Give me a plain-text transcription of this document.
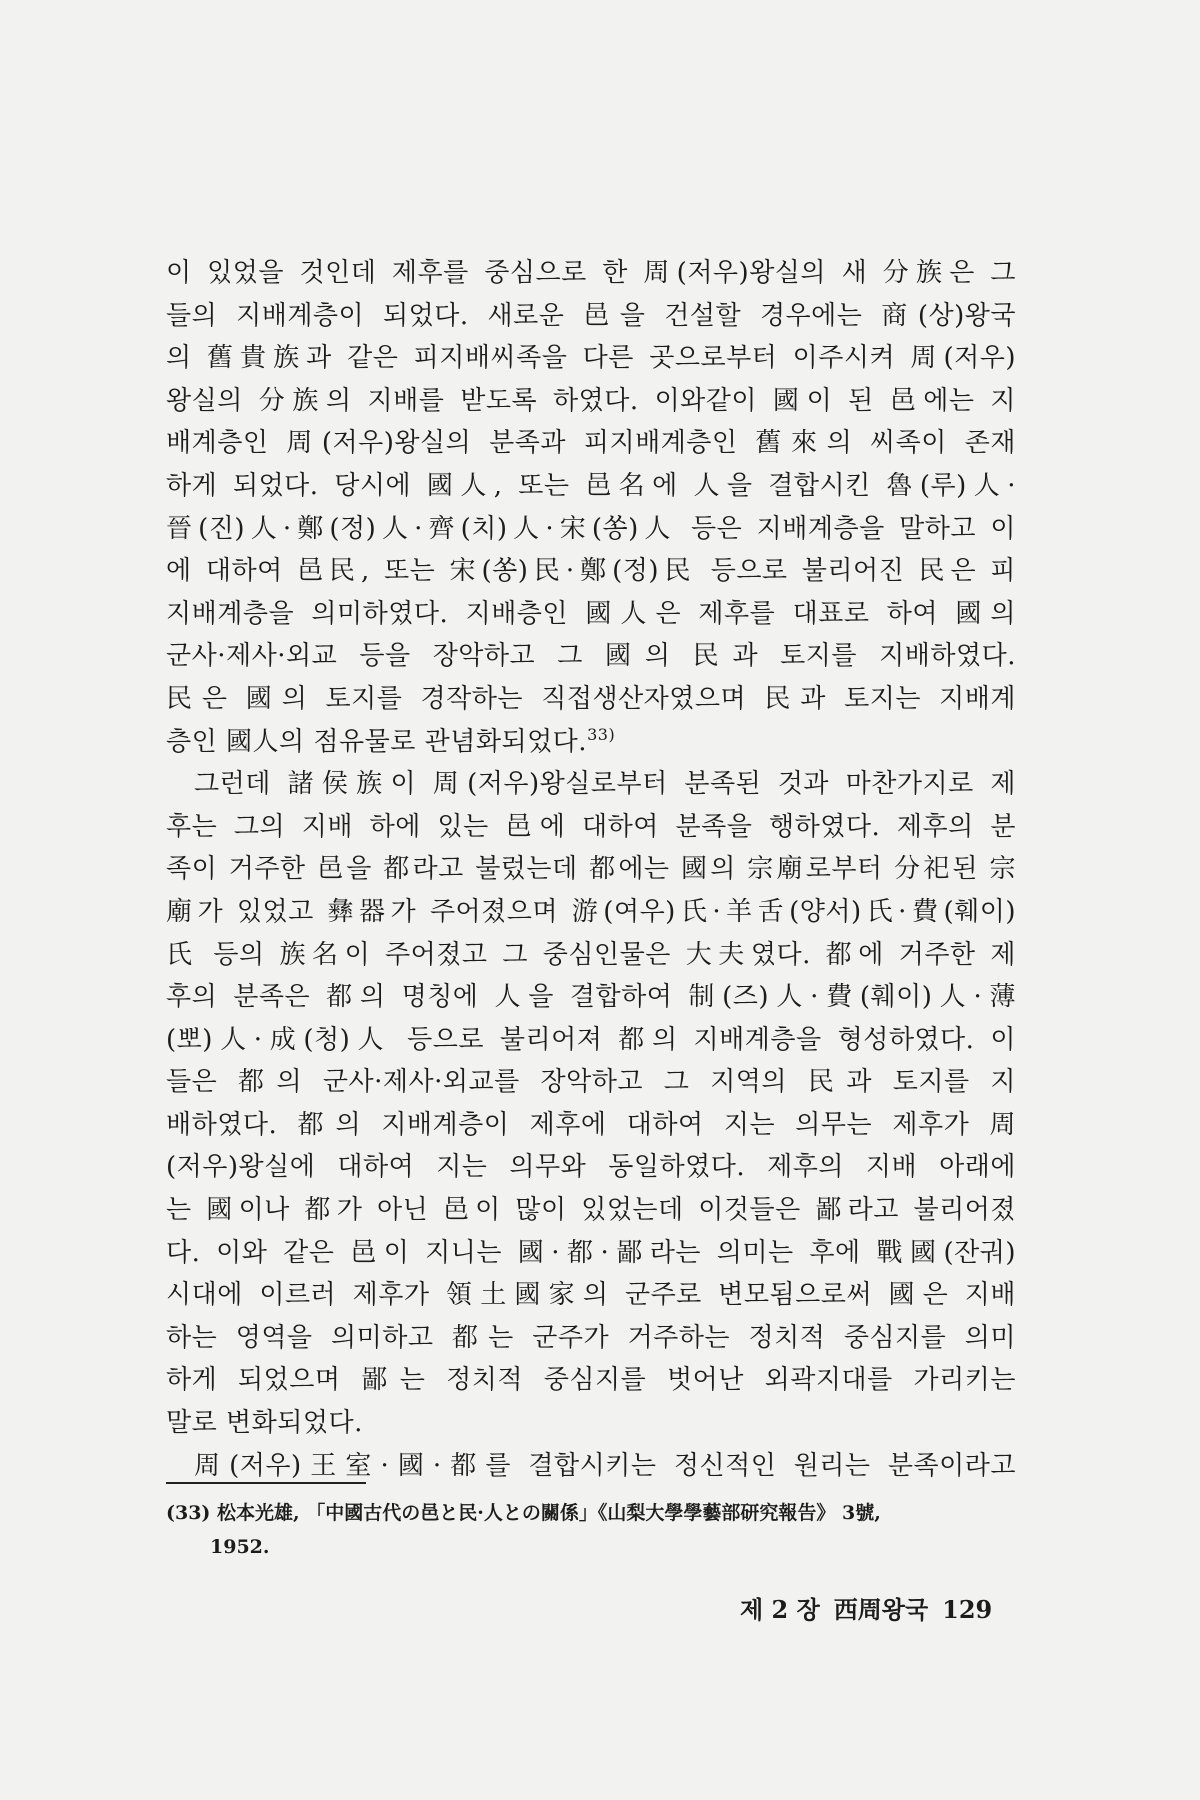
이 있었을 것인데 제후를 중심으로 한 周(저우)왕실의 새 分族은 그
들의 지배계층이 되었다. 새로운 邑을 건설할 경우에는 商(상)왕국
의 舊貴族과 같은 피지배씨족을 다른 곳으로부터 이주시켜 周(저우)
왕실의 分族의 지배를 받도록 하였다. 이와같이 國이 된 邑에는 지
배계층인 周(저우)왕실의 분족과 피지배계층인 舊來의 씨족이 존재
하게 되었다. 당시에 國人, 또는 邑名에 人을 결합시킨 魯(루)人·
晉(진)人·鄭(정)人·齊(치)人·宋(쏭)人 등은 지배계층을 말하고 이
에 대하여 邑民, 또는 宋(쏭)民·鄭(정)民 등으로 불리어진 民은 피
지배계층을 의미하였다. 지배층인 國人은 제후를 대표로 하여 國의
군사·제사·외교 등을 장악하고 그 國의 民과 토지를 지배하였다.
民은 國의 토지를 경작하는 직접생산자였으며 民과 토지는 지배계
층인 國人의 점유물로 관념화되었다.$^{33)}$
그런데 諸侯族이 周(저우)왕실로부터 분족된 것과 마찬가지로 제
후는 그의 지배 하에 있는 邑에 대하여 분족을 행하였다. 제후의 분
족이 거주한 邑을 都라고 불렀는데 都에는 國의 宗廟로부터 分祀된 宗
廟가 있었고 彝器가 주어졌으며 游(여우)氏·羊舌(양서)氏·費(훼이)
氏 등의 族名이 주어졌고 그 중심인물은 大夫였다. 都에 거주한 제
후의 분족은 都의 명칭에 人을 결합하여 制(즈)人·費(훼이)人·薄
(뽀)人·成(청)人 등으로 불리어져 都의 지배계층을 형성하였다. 이
들은 都의 군사·제사·외교를 장악하고 그 지역의 民과 토지를 지
배하였다. 都의 지배계층이 제후에 대하여 지는 의무는 제후가 周
(저우)왕실에 대하여 지는 의무와 동일하였다. 제후의 지배 아래에
는 國이나 都가 아닌 邑이 많이 있었는데 이것들은 鄙라고 불리어졌
다. 이와 같은 邑이 지니는 國·都·鄙라는 의미는 후에 戰國(잔궈)
시대에 이르러 제후가 領土國家의 군주로 변모됨으로써 國은 지배
하는 영역을 의미하고 都는 군주가 거주하는 정치적 중심지를 의미
하게 되었으며 鄙는 정치적 중심지를 벗어난 외곽지대를 가리키는
말로 변화되었다.
周(저우)王室·國·都를 결합시키는 정신적인 원리는 분족이라고
(33) 松本光雄, 「中國古代の邑と民·人との關係」《山梨大學學藝部研究報告》 3號,
1952.
제 2 장 西周왕국 129
